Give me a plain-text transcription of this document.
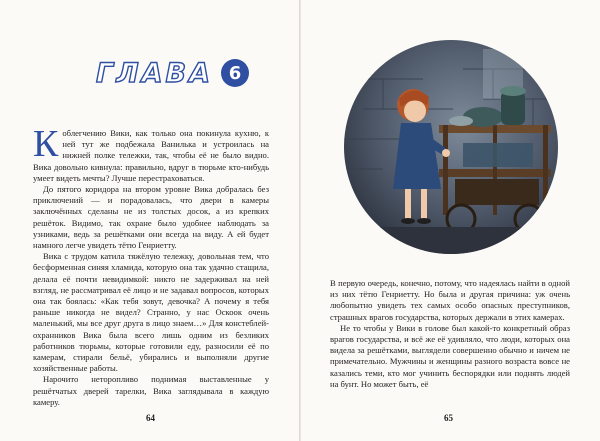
ГЛАВА 6

Коблегчению Вики, как только она покинула кухню, к ней тут же подбежала Ванилька и устроилась на нижней полке тележки, так, чтобы её не было видно. Вика довольно кивнула: правильно, вдруг в тюрьме кто-нибудь умеет видеть мечты? Лучше перестраховаться.

До пятого коридора на втором уровне Вика добралась без приключений — и порадовалась, что двери в камеры заключённых сделаны не из толстых досок, а из крепких решёток. Видимо, так охране было удобнее наблюдать за узниками, ведь за решётками они всегда на виду. А ей будет намного легче увидеть тётю Генриетту.

Вика с трудом катила тяжёлую тележку, довольная тем, что бесформенная синяя хламида, которую она так удачно стащила, делала её почти невидимкой: никто не задерживал на ней взгляд, не рассматривал её лицо и не задавал вопросов, которых она так боялась: «Как тебя зовут, девочка? А почему я тебя раньше никогда не видел? Странно, у нас Оскоок очень маленький, мы все друг друга в лицо знаем…» Для констеблей-охранников Вика была всего лишь одним из безликих работников тюрьмы, которые готовили еду, разносили её по камерам, стирали бельё, убирались и выполняли другие хозяйственные работы.

Нарочито неторопливо поднимая выставленные у решётчатых дверей тарелки, Вика заглядывала в каждую камеру.

64

В первую очередь, конечно, потому, что надеялась найти в одной из них тётю Генриетту. Но была и другая причина: уж очень любопытно увидеть тех самых особо опасных преступников, страшных врагов государства, которых держали в этих камерах.

Не то чтобы у Вики в голове был какой-то конкретный образ врагов государства, и всё же её удивляло, что люди, которых она видела за решётками, выглядели совершенно обычно и ничем не примечательно. Мужчины и женщины разного возраста вовсе не казались теми, кто мог учинить беспорядки или поднять людей на бунт. Но может быть, её

65
